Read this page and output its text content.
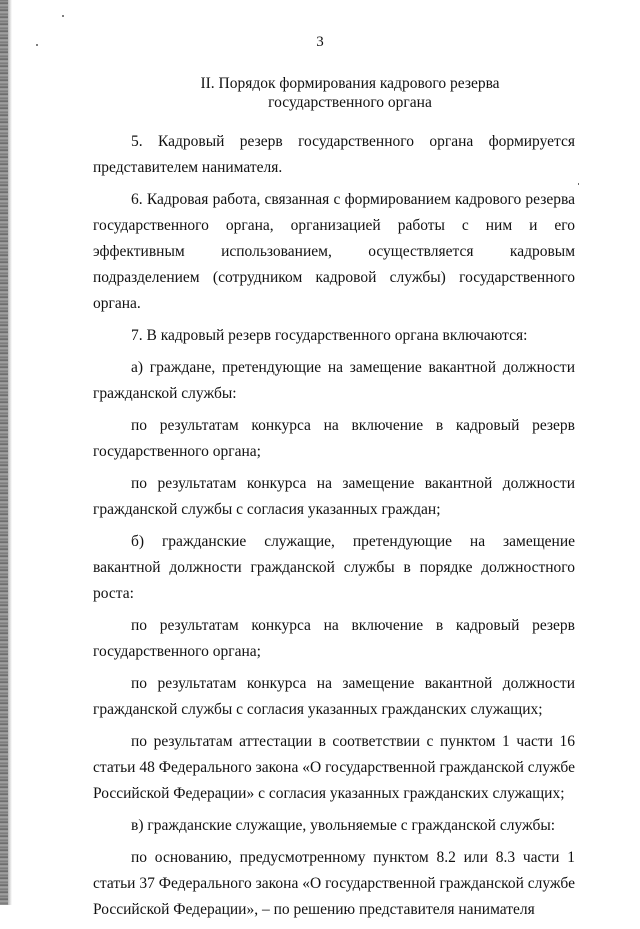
3
II. Порядок формирования кадрового резерва
государственного органа

5. Кадровый резерв государственного органа формируется представителем нанимателя.

6. Кадровая работа, связанная с формированием кадрового резерва государственного органа, организацией работы с ним и его эффективным использованием, осуществляется кадровым подразделением (сотрудником кадровой службы) государственного органа.

7. В кадровый резерв государственного органа включаются:

а) граждане, претендующие на замещение вакантной должности гражданской службы:

по результатам конкурса на включение в кадровый резерв государственного органа;

по результатам конкурса на замещение вакантной должности гражданской службы с согласия указанных граждан;

б) гражданские служащие, претендующие на замещение вакантной должности гражданской службы в порядке должностного роста:

по результатам конкурса на включение в кадровый резерв государственного органа;

по результатам конкурса на замещение вакантной должности гражданской службы с согласия указанных гражданских служащих;

по результатам аттестации в соответствии с пунктом 1 части 16 статьи 48 Федерального закона «О государственной гражданской службе Российской Федерации» с согласия указанных гражданских служащих;

в) гражданские служащие, увольняемые с гражданской службы:

по основанию, предусмотренному пунктом 8.2 или 8.3 части 1 статьи 37 Федерального закона «О государственной гражданской службе Российской Федерации», – по решению представителя нанимателя
